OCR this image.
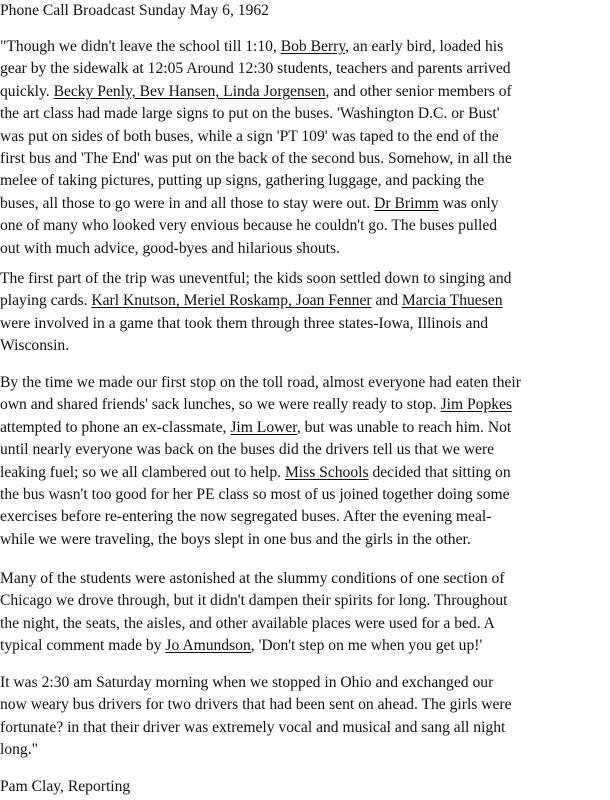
Phone Call Broadcast Sunday May 6, 1962
"Though we didn't leave the school till 1:10, Bob Berry, an early bird, loaded his
gear by the sidewalk at 12:05 Around 12:30 students, teachers and parents arrived
quickly. Becky Penly, Bev Hansen, Linda Jorgensen, and other senior members of
the art class had made large signs to put on the buses. 'Washington D.C. or Bust'
was put on sides of both buses, while a sign 'PT 109' was taped to the end of the
first bus and 'The End' was put on the back of the second bus. Somehow, in all the
melee of taking pictures, putting up signs, gathering luggage, and packing the
buses, all those to go were in and all those to stay were out. Dr Brimm was only
one of many who looked very envious because he couldn't go. The buses pulled
out with much advice, good-byes and hilarious shouts.
The first part of the trip was uneventful; the kids soon settled down to singing and
playing cards. Karl Knutson, Meriel Roskamp, Joan Fenner and Marcia Thuesen
were involved in a game that took them through three states-Iowa, Illinois and
Wisconsin.
By the time we made our first stop on the toll road, almost everyone had eaten their
own and shared friends' sack lunches, so we were really ready to stop. Jim Popkes
attempted to phone an ex-classmate, Jim Lower, but was unable to reach him. Not
until nearly everyone was back on the buses did the drivers tell us that we were
leaking fuel; so we all clambered out to help. Miss Schools decided that sitting on
the bus wasn't too good for her PE class so most of us joined together doing some
exercises before re-entering the now segregated buses. After the evening meal-
while we were traveling, the boys slept in one bus and the girls in the other.
Many of the students were astonished at the slummy conditions of one section of
Chicago we drove through, but it didn't dampen their spirits for long. Throughout
the night, the seats, the aisles, and other available places were used for a bed. A
typical comment made by Jo Amundson, 'Don't step on me when you get up!'
It was 2:30 am Saturday morning when we stopped in Ohio and exchanged our
now weary bus drivers for two drivers that had been sent on ahead. The girls were
fortunate? in that their driver was extremely vocal and musical and sang all night
long."
Pam Clay, Reporting
